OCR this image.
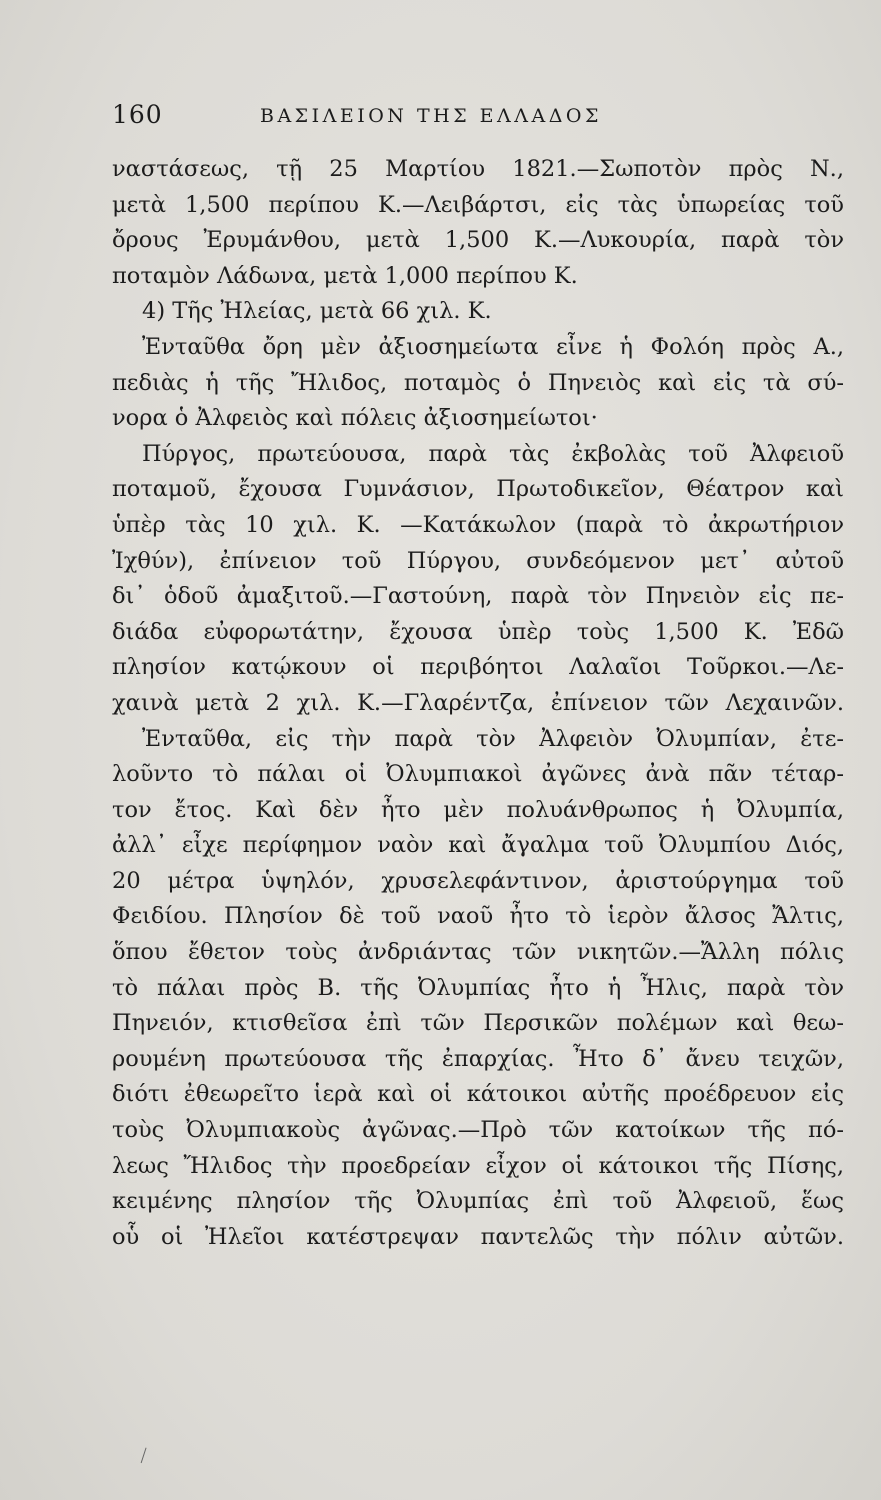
160	ΒΑΣΙΛΕΙΟΝ ΤΗΣ ΕΛΛΑΔΟΣ
ναστάσεως, τῇ 25 Μαρτίου 1821.—Σωποτὸν πρὸς Ν.,
μετὰ 1,500 περίπου Κ.—Λειβάρτσι, εἰς τὰς ὑπωρείας τοῦ
ὄρους Ἐρυμάνθου, μετὰ 1,500 Κ.—Λυκουρία, παρὰ τὸν
ποταμὸν Λάδωνα, μετὰ 1,000 περίπου Κ.
4) Τῆς Ἠλείας, μετὰ 66 χιλ. Κ.
Ἐνταῦθα ὄρη μὲν ἀξιοσημείωτα εἶνε ἡ Φολόη πρὸς Α.,
πεδιὰς ἡ τῆς Ἤλιδος, ποταμὸς ὁ Πηνειὸς καὶ εἰς τὰ σύ-
νορα ὁ Ἀλφειὸς καὶ πόλεις ἀξιοσημείωτοι·
Πύργος, πρωτεύουσα, παρὰ τὰς ἐκβολὰς τοῦ Ἀλφειοῦ
ποταμοῦ, ἔχουσα Γυμνάσιον, Πρωτοδικεῖον, Θέατρον καὶ
ὑπὲρ τὰς 10 χιλ. Κ. —Κατάκωλον (παρὰ τὸ ἀκρωτήριον
Ἰχθύν), ἐπίνειον τοῦ Πύργου, συνδεόμενον μετ᾽ αὐτοῦ
δι᾽ ὁδοῦ ἀμαξιτοῦ.—Γαστούνη, παρὰ τὸν Πηνειὸν εἰς πε-
διάδα εὐφορωτάτην, ἔχουσα ὑπὲρ τοὺς 1,500 Κ. Ἐδῶ
πλησίον κατῴκουν οἱ περιβόητοι Λαλαῖοι Τοῦρκοι.—Λε-
χαινὰ μετὰ 2 χιλ. Κ.—Γλαρέντζα, ἐπίνειον τῶν Λεχαινῶν.
Ἐνταῦθα, εἰς τὴν παρὰ τὸν Ἀλφειὸν Ὀλυμπίαν, ἐτε-
λοῦντο τὸ πάλαι οἱ Ὀλυμπιακοὶ ἀγῶνες ἀνὰ πᾶν τέταρ-
τον ἔτος. Καὶ δὲν ἦτο μὲν πολυάνθρωπος ἡ Ὀλυμπία,
ἀλλ᾽ εἶχε περίφημον ναὸν καὶ ἄγαλμα τοῦ Ὀλυμπίου Διός,
20 μέτρα ὑψηλόν, χρυσελεφάντινον, ἀριστούργημα τοῦ
Φειδίου. Πλησίον δὲ τοῦ ναοῦ ἦτο τὸ ἱερὸν ἄλσος Ἄλτις,
ὅπου ἔθετον τοὺς ἀνδριάντας τῶν νικητῶν.—Ἄλλη πόλις
τὸ πάλαι πρὸς Β. τῆς Ὀλυμπίας ἦτο ἡ Ἦλις, παρὰ τὸν
Πηνειόν, κτισθεῖσα ἐπὶ τῶν Περσικῶν πολέμων καὶ θεω-
ρουμένη πρωτεύουσα τῆς ἐπαρχίας. Ἦτο δ᾽ ἄνευ τειχῶν,
διότι ἐθεωρεῖτο ἱερὰ καὶ οἱ κάτοικοι αὐτῆς προέδρευον εἰς
τοὺς Ὀλυμπιακοὺς ἀγῶνας.—Πρὸ τῶν κατοίκων τῆς πό-
λεως Ἤλιδος τὴν προεδρείαν εἶχον οἱ κάτοικοι τῆς Πίσης,
κειμένης πλησίον τῆς Ὀλυμπίας ἐπὶ τοῦ Ἀλφειοῦ, ἕως
οὗ οἱ Ἠλεῖοι κατέστρεψαν παντελῶς τὴν πόλιν αὐτῶν.
